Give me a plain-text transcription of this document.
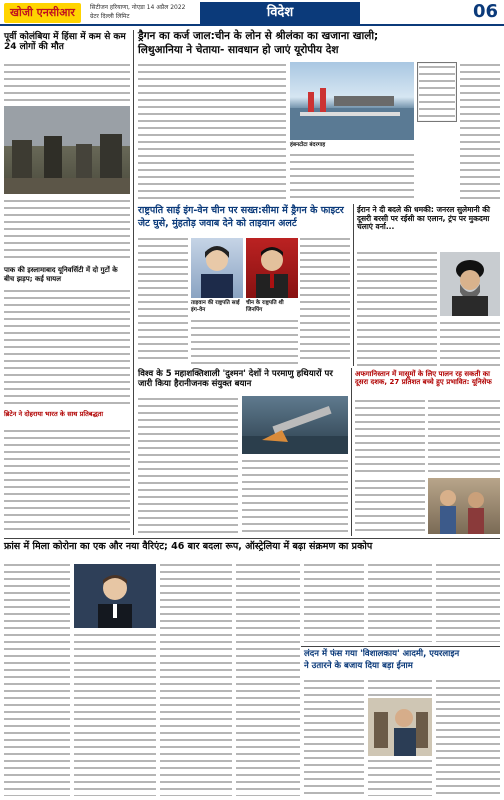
खोजी एनसीआर	सिटीजन हरियाणा, नोएडा 14 अप्रैल 2022
ग्रेटर दिल्ली लिमिट	विदेश	06
पूर्वी कोलंबिया में हिंसा में कम से कम 24 लोगों की मौत
पाक की इस्लामाबाद यूनिवर्सिटी में दो गुटों के बीच झड़प; कई घायल
ब्रिटेन ने दोहराया भारत के साथ प्रतिबद्धता
ड्रैगन का कर्ज जाल:चीन के लोन से श्रीलंका का खजाना खाली;
लिथुआनिया ने चेताया- सावधान हो जाएं यूरोपीय देश
हंबनटोटा बंदरगाह
राष्ट्रपति साई इंग-वेन चीन पर सख्त:सीमा में ड्रैगन के फाइटर
जेट घुसे, मुंहतोड़ जवाब देने को ताइवान अलर्ट
ताइवान की राष्ट्रपति साई इंग-वेन
चीन के राष्ट्रपति शी जिनपिंग
ईरान ने दी बदले की धमकी: जनरल सुलेमानी की दूसरी बरसी पर रईसी का एलान, ट्रंप पर मुकदमा चलाएं वर्ना...
विश्व के 5 महाशक्तिशाली 'दुश्मन' देशों ने परमाणु हथियारों पर जारी किया हैरानीजनक संयुक्त बयान
अफगानिस्तान में मासूमों के लिए पालन रह सकती का दूसरा दशक, 27 प्रतिशत बच्चे हुए प्रभावित: यूनिसेफ
फ्रांस में मिला कोरोना का एक और नया वैरिएंट; 46 बार बदला रूप, ऑस्ट्रेलिया में बढ़ा संक्रमण का प्रकोप
लंदन में फंस गया 'विशालकाय' आदमी, एयरलाइन
ने उतारने के बजाय दिया बड़ा ईनाम
